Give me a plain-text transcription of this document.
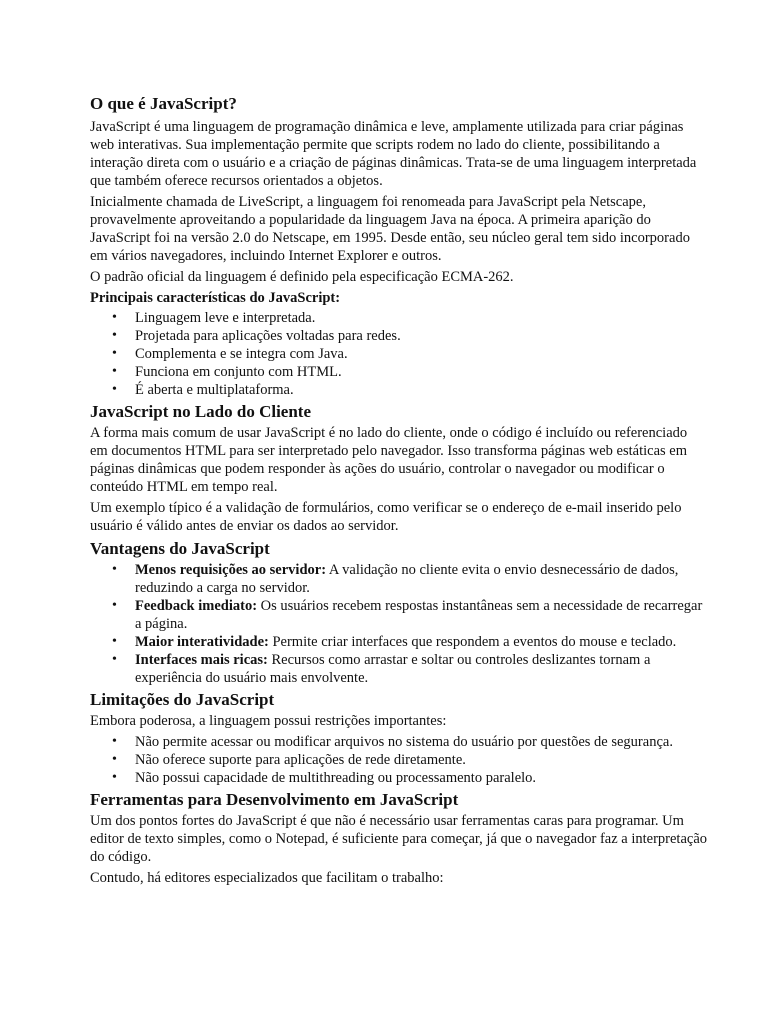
O que é JavaScript?

JavaScript é uma linguagem de programação dinâmica e leve, amplamente utilizada para criar páginas web interativas. Sua implementação permite que scripts rodem no lado do cliente, possibilitando a interação direta com o usuário e a criação de páginas dinâmicas. Trata-se de uma linguagem interpretada que também oferece recursos orientados a objetos.

Inicialmente chamada de LiveScript, a linguagem foi renomeada para JavaScript pela Netscape, provavelmente aproveitando a popularidade da linguagem Java na época. A primeira aparição do JavaScript foi na versão 2.0 do Netscape, em 1995. Desde então, seu núcleo geral tem sido incorporado em vários navegadores, incluindo Internet Explorer e outros.

O padrão oficial da linguagem é definido pela especificação ECMA-262.

Principais características do JavaScript:

• Linguagem leve e interpretada.
• Projetada para aplicações voltadas para redes.
• Complementa e se integra com Java.
• Funciona em conjunto com HTML.
• É aberta e multiplataforma.
JavaScript no Lado do Cliente

A forma mais comum de usar JavaScript é no lado do cliente, onde o código é incluído ou referenciado em documentos HTML para ser interpretado pelo navegador. Isso transforma páginas web estáticas em páginas dinâmicas que podem responder às ações do usuário, controlar o navegador ou modificar o conteúdo HTML em tempo real.

Um exemplo típico é a validação de formulários, como verificar se o endereço de e-mail inserido pelo usuário é válido antes de enviar os dados ao servidor.

Vantagens do JavaScript
• Menos requisições ao servidor: A validação no cliente evita o envio desnecessário de dados, reduzindo a carga no servidor.
• Feedback imediato: Os usuários recebem respostas instantâneas sem a necessidade de recarregar a página.
• Maior interatividade: Permite criar interfaces que respondem a eventos do mouse e teclado.
• Interfaces mais ricas: Recursos como arrastar e soltar ou controles deslizantes tornam a experiência do usuário mais envolvente.
Limitações do JavaScript

Embora poderosa, a linguagem possui restrições importantes:

• Não permite acessar ou modificar arquivos no sistema do usuário por questões de segurança.
• Não oferece suporte para aplicações de rede diretamente.
• Não possui capacidade de multithreading ou processamento paralelo.
Ferramentas para Desenvolvimento em JavaScript

Um dos pontos fortes do JavaScript é que não é necessário usar ferramentas caras para programar. Um editor de texto simples, como o Notepad, é suficiente para começar, já que o navegador faz a interpretação do código.

Contudo, há editores especializados que facilitam o trabalho:
